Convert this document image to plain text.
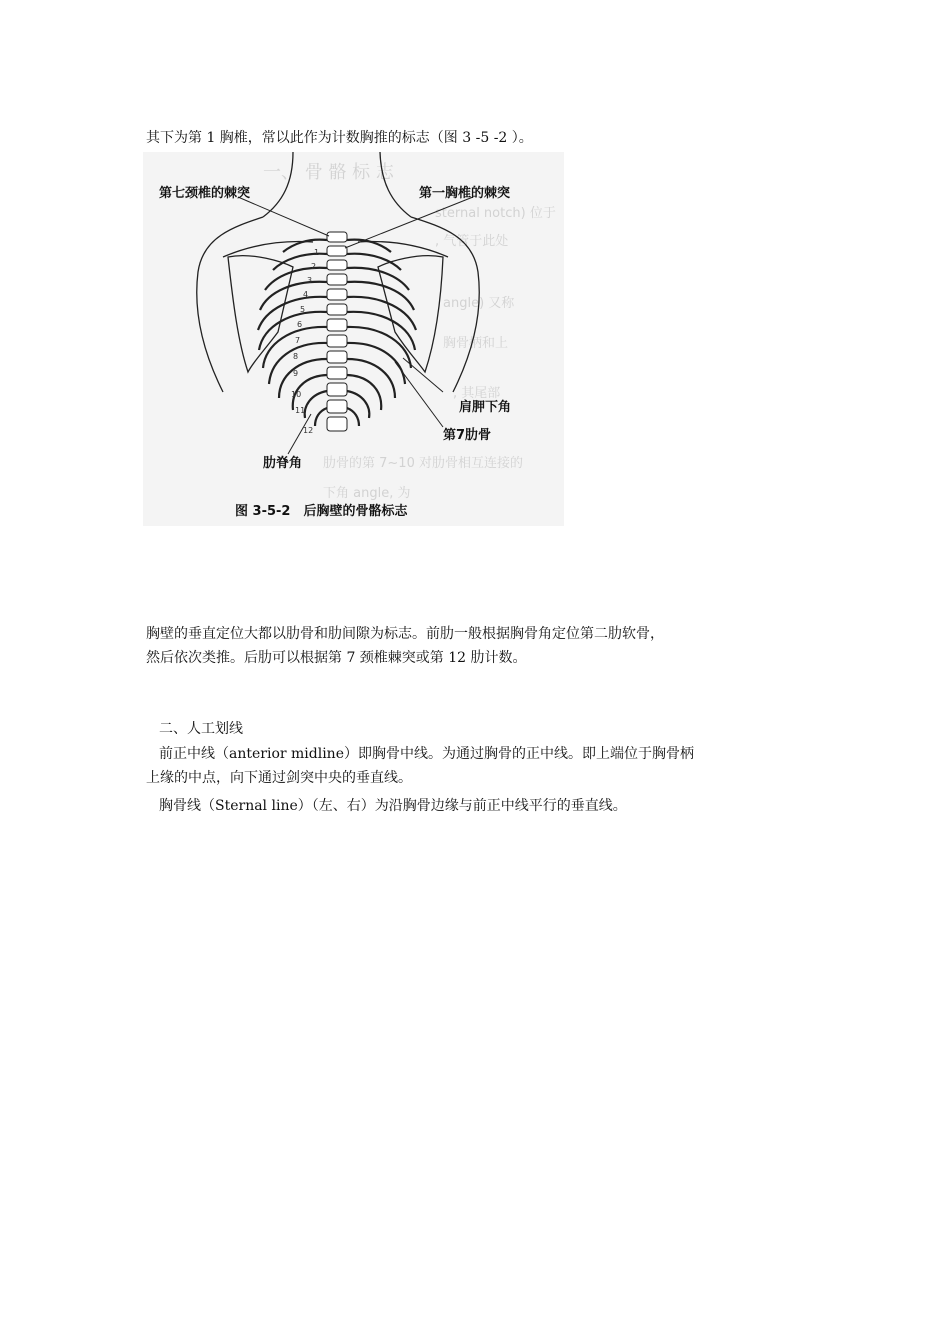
其下为第 1 胸椎，常以此作为计数胸推的标志（图 3 -5 -2 ）。
一、 骨 骼 标 志
sternal notch) 位于
, 气管于此处
angle) 又称
胸骨柄和上
, 其尾部
肋骨的第 7~10 对肋骨相互连接的
下角 angle, 为
1
2
3
4
5
6
7
8
9
10
11
12
第七颈椎的棘突	第一胸椎的棘突
肩胛下角
第7肋骨
肋脊角
图 3-5-2　后胸壁的骨骼标志
胸壁的垂直定位大都以肋骨和肋间隙为标志。前肋一般根据胸骨角定位第二肋软骨，
然后依次类推。后肋可以根据第 7 颈椎棘突或第 12 肋计数。
二、人工划线
前正中线（anterior midline）即胸骨中线。为通过胸骨的正中线。即上端位于胸骨柄
上缘的中点，向下通过剑突中央的垂直线。
胸骨线（Sternal line）（左、右）为沿胸骨边缘与前正中线平行的垂直线。
